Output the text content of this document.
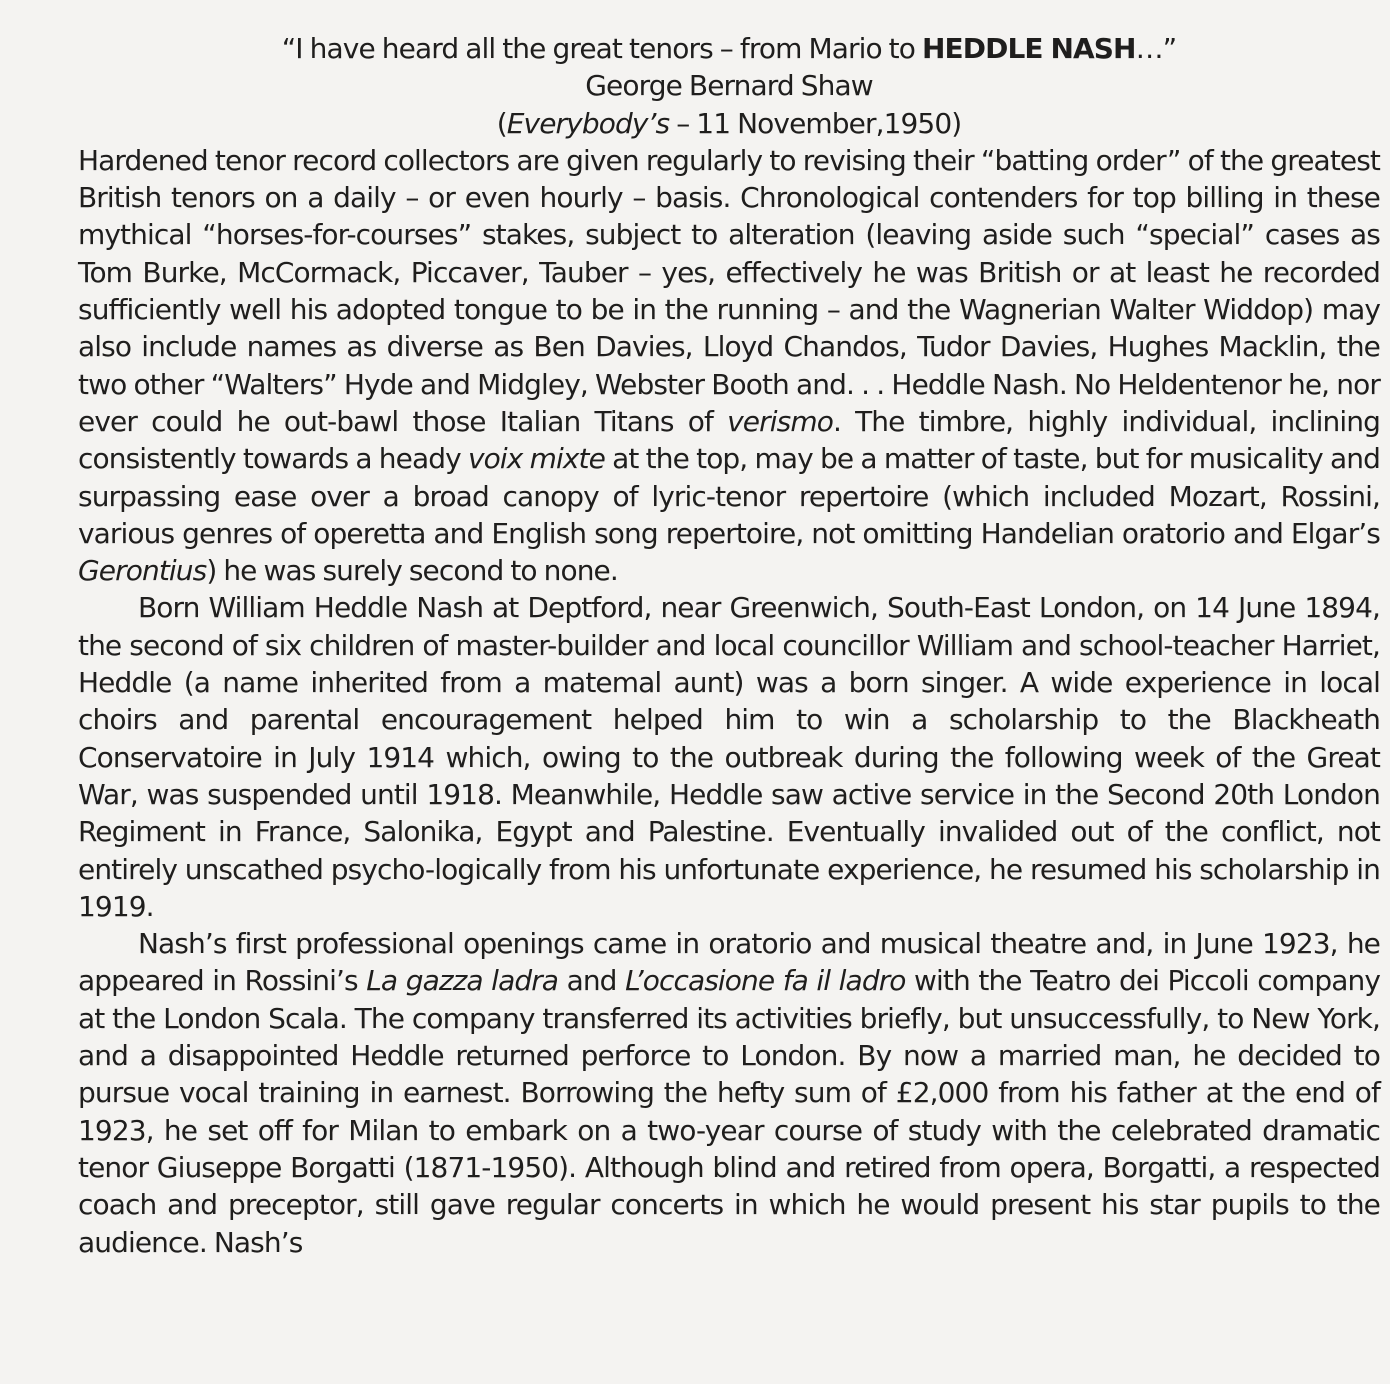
“I have heard all the great tenors – from Mario to HEDDLE NASH…”

George Bernard Shaw

(Everybody’s – 11 November,1950)

Hardened tenor record collectors are given regularly to revising their “batting order” of the greatest British tenors on a daily – or even hourly – basis. Chronological contenders for top billing in these mythical “horses-for-courses” stakes, subject to alteration (leaving aside such “special” cases as Tom Burke, McCormack, Piccaver, Tauber – yes, effectively he was British or at least he recorded sufficiently well his adopted tongue to be in the running – and the Wagnerian Walter Widdop) may also include names as diverse as Ben Davies, Lloyd Chandos, Tudor Davies, Hughes Macklin, the two other “Walters” Hyde and Midgley, Webster Booth and. . . Heddle Nash. No Heldentenor he, nor ever could he out-bawl those Italian Titans of verismo. The timbre, highly individual, inclining consistently towards a heady voix mixte at the top, may be a matter of taste, but for musicality and surpassing ease over a broad canopy of lyric-tenor repertoire (which included Mozart, Rossini, various genres of operetta and English song repertoire, not omitting Handelian oratorio and Elgar’s Gerontius) he was surely second to none.

Born William Heddle Nash at Deptford, near Greenwich, South-East London, on 14 June 1894, the second of six children of master-builder and local councillor William and school-teacher Harriet, Heddle (a name inherited from a matemal aunt) was a born singer. A wide experience in local choirs and parental encouragement helped him to win a scholarship to the Blackheath Conservatoire in July 1914 which, owing to the outbreak during the following week of the Great War, was suspended until 1918. Meanwhile, Heddle saw active service in the Second 20th London Regiment in France, Salonika, Egypt and Palestine. Eventually invalided out of the conflict, not entirely unscathed psycho-logically from his unfortunate experience, he resumed his scholarship in 1919.

Nash’s first professional openings came in oratorio and musical theatre and, in June 1923, he appeared in Rossini’s La gazza ladra and L’occasione fa il ladro with the Teatro dei Piccoli company at the London Scala. The company transferred its activities briefly, but unsuccessfully, to New York, and a disappointed Heddle returned perforce to London. By now a married man, he decided to pursue vocal training in earnest. Borrowing the hefty sum of £2,000 from his father at the end of 1923, he set off for Milan to embark on a two-year course of study with the celebrated dramatic tenor Giuseppe Borgatti (1871-1950). Although blind and retired from opera, Borgatti, a respected coach and preceptor, still gave regular concerts in which he would present his star pupils to the audience. Nash’s
